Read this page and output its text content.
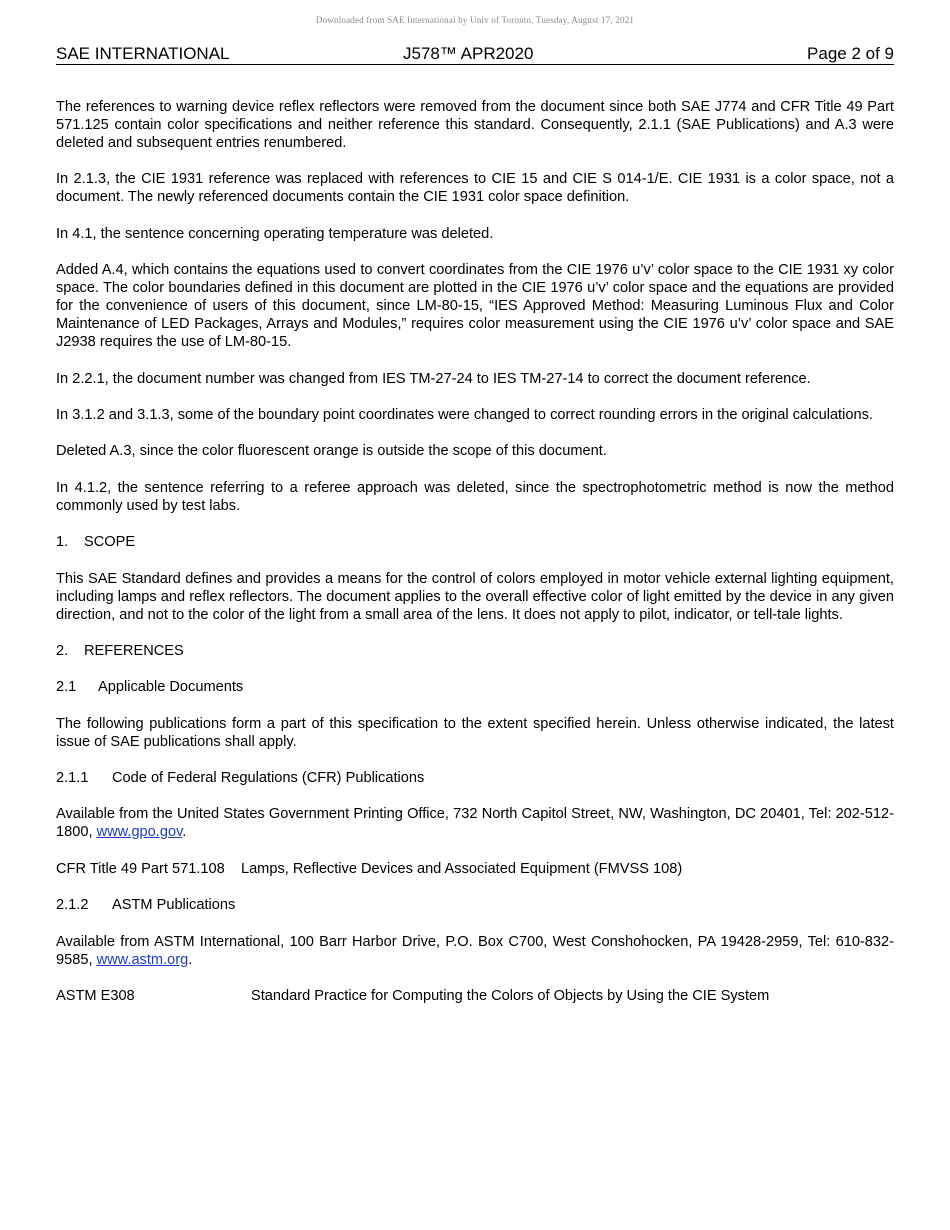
Downloaded from SAE International by Univ of Toronto, Tuesday, August 17, 2021
SAE INTERNATIONAL	J578™ APR2020	Page 2 of 9

The references to warning device reflex reflectors were removed from the document since both SAE J774 and CFR Title 49 Part 571.125 contain color specifications and neither reference this standard. Consequently, 2.1.1 (SAE Publications) and A.3 were deleted and subsequent entries renumbered.

In 2.1.3, the CIE 1931 reference was replaced with references to CIE 15 and CIE S 014-1/E. CIE 1931 is a color space, not a document. The newly referenced documents contain the CIE 1931 color space definition.

In 4.1, the sentence concerning operating temperature was deleted.

Added A.4, which contains the equations used to convert coordinates from the CIE 1976 u’v’ color space to the CIE 1931 xy color space. The color boundaries defined in this document are plotted in the CIE 1976 u’v’ color space and the equations are provided for the convenience of users of this document, since LM-80-15, “IES Approved Method: Measuring Luminous Flux and Color Maintenance of LED Packages, Arrays and Modules,” requires color measurement using the CIE 1976 u’v’ color space and SAE J2938 requires the use of LM-80-15.

In 2.2.1, the document number was changed from IES TM-27-24 to IES TM-27-14 to correct the document reference.

In 3.1.2 and 3.1.3, some of the boundary point coordinates were changed to correct rounding errors in the original calculations.

Deleted A.3, since the color fluorescent orange is outside the scope of this document.

In 4.1.2, the sentence referring to a referee approach was deleted, since the spectrophotometric method is now the method commonly used by test labs.

1. SCOPE

This SAE Standard defines and provides a means for the control of colors employed in motor vehicle external lighting equipment, including lamps and reflex reflectors. The document applies to the overall effective color of light emitted by the device in any given direction, and not to the color of the light from a small area of the lens. It does not apply to pilot, indicator, or tell-tale lights.

2. REFERENCES

2.1 Applicable Documents

The following publications form a part of this specification to the extent specified herein. Unless otherwise indicated, the latest issue of SAE publications shall apply.

2.1.1 Code of Federal Regulations (CFR) Publications

Available from the United States Government Printing Office, 732 North Capitol Street, NW, Washington, DC 20401, Tel: 202-512-1800, www.gpo.gov.

CFR Title 49 Part 571.108 Lamps, Reflective Devices and Associated Equipment (FMVSS 108)

2.1.2 ASTM Publications

Available from ASTM International, 100 Barr Harbor Drive, P.O. Box C700, West Conshohocken, PA 19428-2959, Tel: 610-832-9585, www.astm.org.

ASTM E308	Standard Practice for Computing the Colors of Objects by Using the CIE System
